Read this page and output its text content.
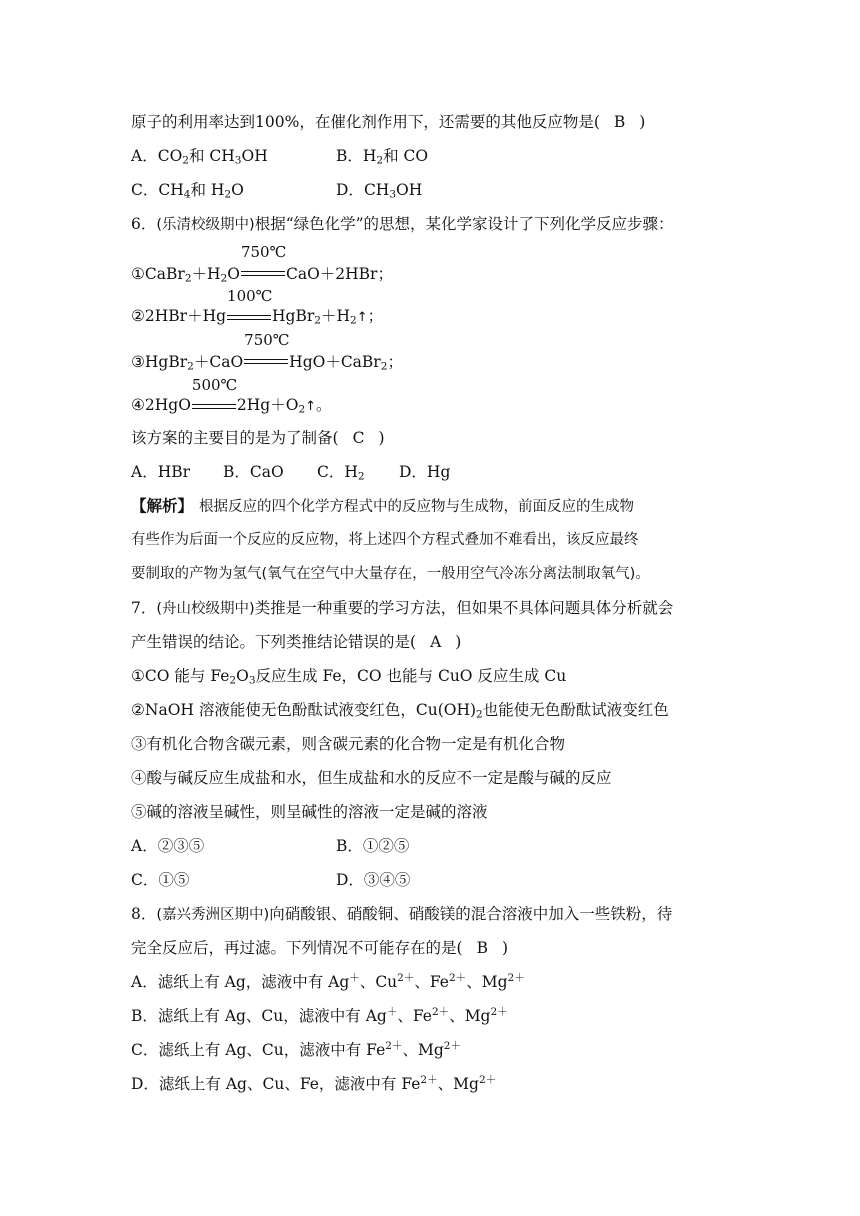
原子的利用率达到100%，在催化剂作用下，还需要的其他反应物是( B )
A．$CO_2$和 $CH_3OH$	B．$H_2$和 CO
C．$CH_4$和 $H_2O$	D．$CH_3OH$
6．(乐清校级期中)根据“绿色化学”的思想，某化学家设计了下列化学反应步骤：
$①CaBr_2+H_2O$
750℃
CaO＋2HBr；
②2HBr＋Hg
100℃
$HgBr_2+H_2↑$；
③HgBr$_2$＋CaO
750℃
HgO＋CaBr$_2$；
④2HgO
500℃
$2Hg+O_2↑$。
该方案的主要目的是为了制备( C )
A．HBr B．CaO C．$H_2$ D．Hg
【解析】 根据反应的四个化学方程式中的反应物与生成物，前面反应的生成物
有些作为后面一个反应的反应物，将上述四个方程式叠加不难看出，该反应最终
要制取的产物为氢气(氧气在空气中大量存在，一般用空气冷冻分离法制取氧气)。
7．(舟山校级期中)类推是一种重要的学习方法，但如果不具体问题具体分析就会
产生错误的结论。下列类推结论错误的是( A )
①CO 能与 $Fe_2O_3$反应生成 Fe，CO 也能与 CuO 反应生成 Cu
②NaOH 溶液能使无色酚酞试液变红色，$Cu(OH)_2$也能使无色酚酞试液变红色
③有机化合物含碳元素，则含碳元素的化合物一定是有机化合物
④酸与碱反应生成盐和水，但生成盐和水的反应不一定是酸与碱的反应
⑤碱的溶液呈碱性，则呈碱性的溶液一定是碱的溶液
A．②③⑤	B．①②⑤
C．①⑤	D．③④⑤
8．(嘉兴秀洲区期中)向硝酸银、硝酸铜、硝酸镁的混合溶液中加入一些铁粉，待
完全反应后，再过滤。下列情况不可能存在的是( B )
A．滤纸上有 Ag，滤液中有 Ag＋、$Cu^{2+}$、$Fe^{2+}$、$Mg^{2+}$
B．滤纸上有 Ag、Cu，滤液中有 Ag＋、$Fe^{2+}$、$Mg^{2+}$
C．滤纸上有 Ag、Cu，滤液中有 $Fe^{2+}$、$Mg^{2+}$
D．滤纸上有 Ag、Cu、Fe，滤液中有 $Fe^{2+}$、$Mg^{2+}$
